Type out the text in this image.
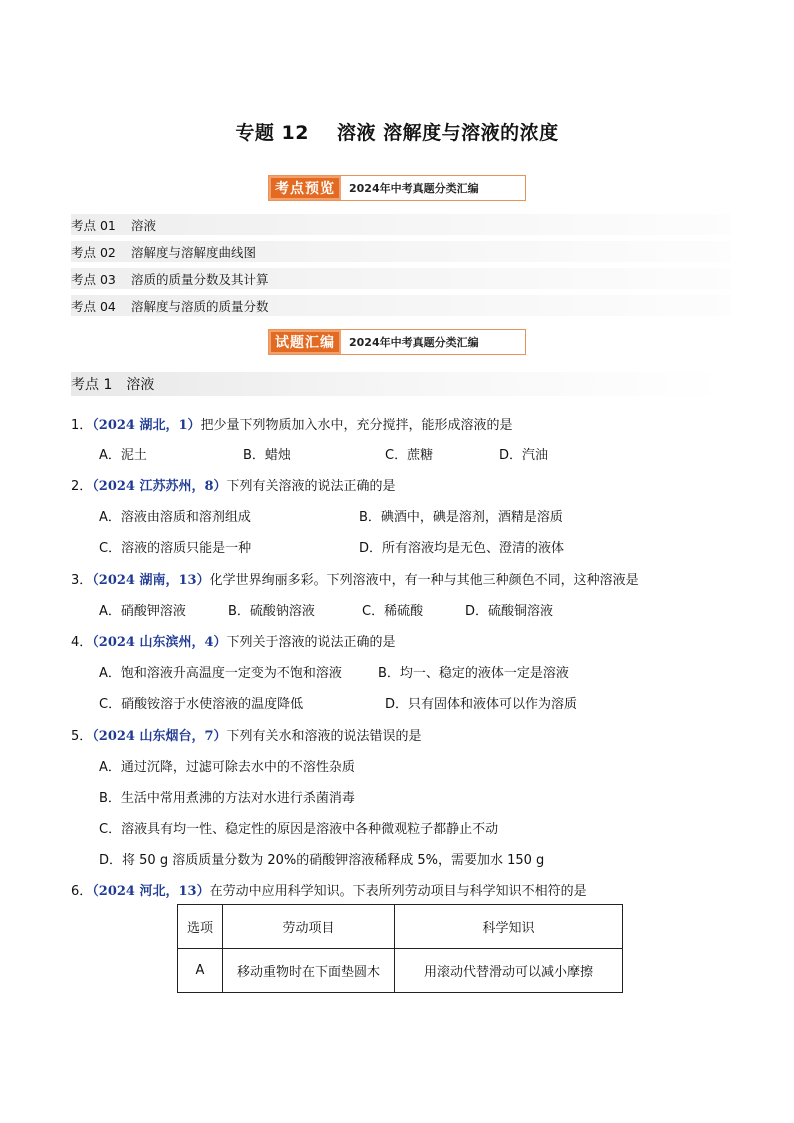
专题 12 溶液 溶解度与溶液的浓度
考点预览	2024年中考真题分类汇编
考点 01	溶液
考点 02	溶解度与溶解度曲线图
考点 03	溶质的质量分数及其计算
考点 04	溶解度与溶质的质量分数
试题汇编	2024年中考真题分类汇编
考点 1 溶液
1．（2024 湖北，1）把少量下列物质加入水中，充分搅拌，能形成溶液的是
A．泥土	B．蜡烛	C．蔗糖	D．汽油
2．（2024 江苏苏州，8）下列有关溶液的说法正确的是
A．溶液由溶质和溶剂组成	B．碘酒中，碘是溶剂，酒精是溶质
C．溶液的溶质只能是一种	D．所有溶液均是无色、澄清的液体
3．（2024 湖南，13）化学世界绚丽多彩。下列溶液中，有一种与其他三种颜色不同，这种溶液是
A．硝酸钾溶液	B．硫酸钠溶液	C．稀硫酸	D．硫酸铜溶液
4．（2024 山东滨州，4）下列关于溶液的说法正确的是
A．饱和溶液升高温度一定变为不饱和溶液	B．均一、稳定的液体一定是溶液
C．硝酸铵溶于水使溶液的温度降低	D．只有固体和液体可以作为溶质
5．（2024 山东烟台，7）下列有关水和溶液的说法错误的是
A．通过沉降，过滤可除去水中的不溶性杂质
B．生活中常用煮沸的方法对水进行杀菌消毒
C．溶液具有均一性、稳定性的原因是溶液中各种微观粒子都静止不动
D．将 50 g 溶质质量分数为 20%的硝酸钾溶液稀释成 5%，需要加水 150 g
6．（2024 河北，13）在劳动中应用科学知识。下表所列劳动项目与科学知识不相符的是
选项	劳动项目	科学知识
A	移动重物时在下面垫圆木	用滚动代替滑动可以减小摩擦
